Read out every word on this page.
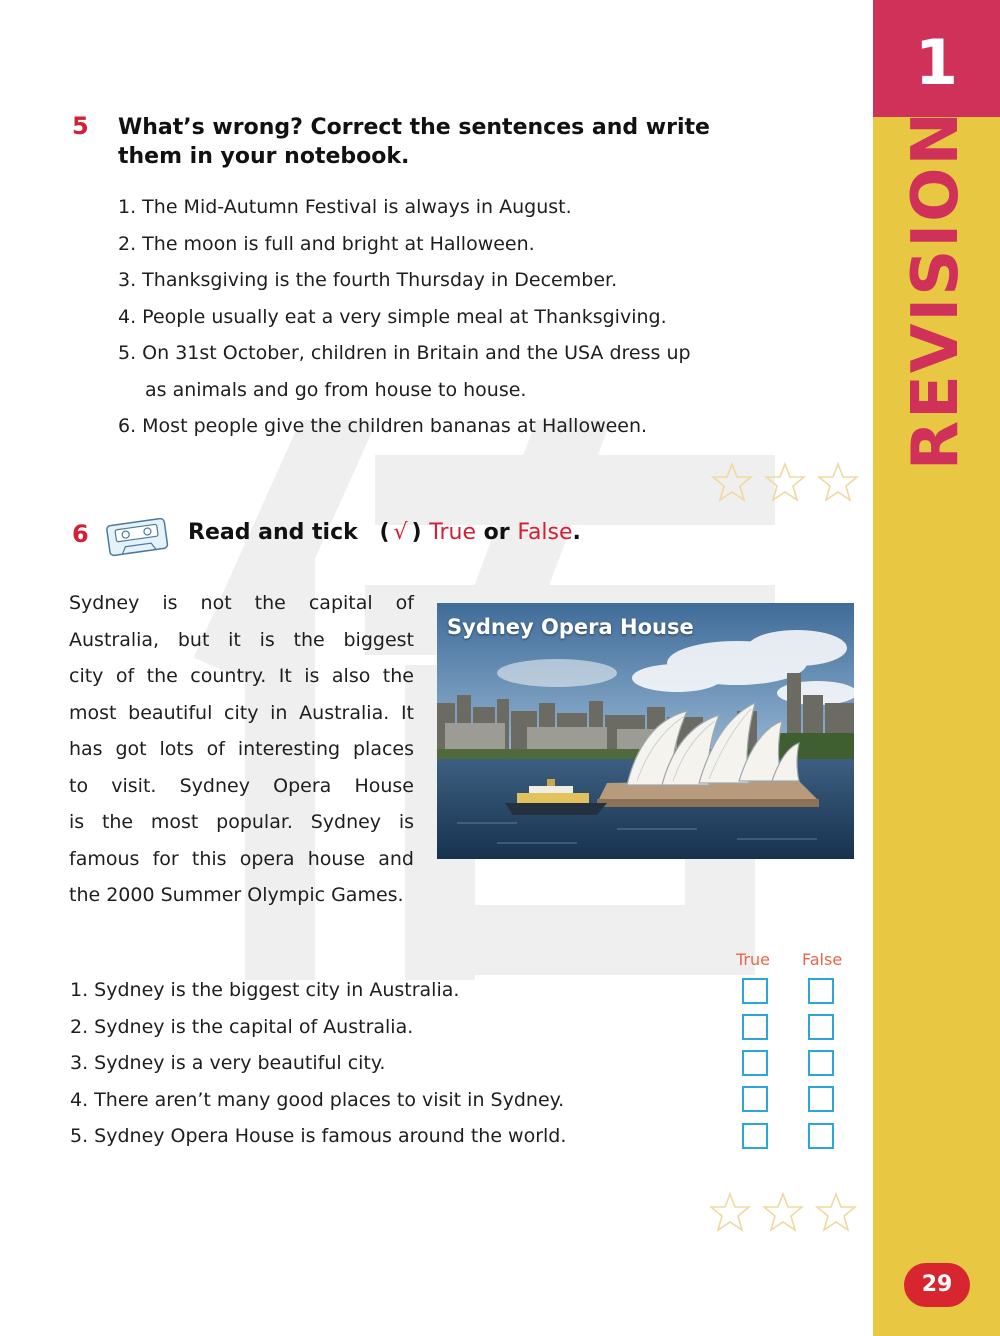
1
REVISION
29
5 What’s wrong? Correct the sentences and write
them in your notebook.
1. The Mid-Autumn Festival is always in August.
2. The moon is full and bright at Halloween.
3. Thanksgiving is the fourth Thursday in December.
4. People usually eat a very simple meal at Thanksgiving.
5. On 31st October, children in Britain and the USA dress up
as animals and go from house to house.
6. Most people give the children bananas at Halloween.
6	Read and tick ( √ ) True or False.
Sydney is not the capital of
Australia, but it is the biggest
city of the country. It is also the
most beautiful city in Australia. It
has got lots of interesting places
to visit. Sydney Opera House
is the most popular. Sydney is
famous for this opera house and
the 2000 Summer Olympic Games.
Sydney Opera House
True False
1. Sydney is the biggest city in Australia.
2. Sydney is the capital of Australia.
3. Sydney is a very beautiful city.
4. There aren’t many good places to visit in Sydney.
5. Sydney Opera House is famous around the world.
